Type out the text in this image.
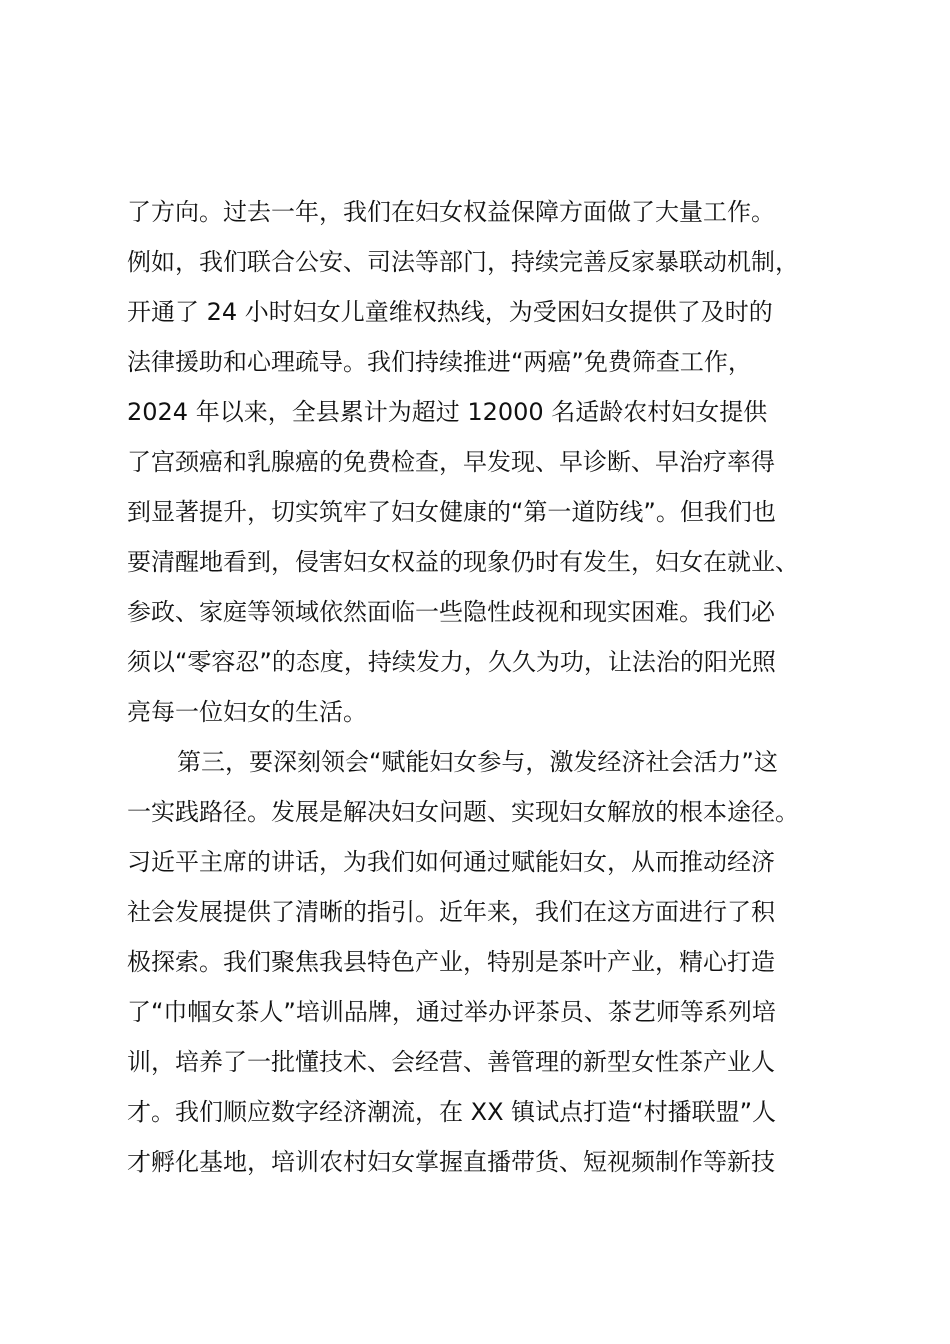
了方向。过去一年，我们在妇女权益保障方面做了大量工作。
例如，我们联合公安、司法等部门，持续完善反家暴联动机制，
开通了 24 小时妇女儿童维权热线，为受困妇女提供了及时的
法律援助和心理疏导。我们持续推进“两癌”免费筛查工作，
2024 年以来，全县累计为超过 12000 名适龄农村妇女提供
了宫颈癌和乳腺癌的免费检查，早发现、早诊断、早治疗率得
到显著提升，切实筑牢了妇女健康的“第一道防线”。但我们也
要清醒地看到，侵害妇女权益的现象仍时有发生，妇女在就业、
参政、家庭等领域依然面临一些隐性歧视和现实困难。我们必
须以“零容忍”的态度，持续发力，久久为功，让法治的阳光照
亮每一位妇女的生活。
第三，要深刻领会“赋能妇女参与，激发经济社会活力”这
一实践路径。发展是解决妇女问题、实现妇女解放的根本途径。
习近平主席的讲话，为我们如何通过赋能妇女，从而推动经济
社会发展提供了清晰的指引。近年来，我们在这方面进行了积
极探索。我们聚焦我县特色产业，特别是茶叶产业，精心打造
了“巾帼女茶人”培训品牌，通过举办评茶员、茶艺师等系列培
训，培养了一批懂技术、会经营、善管理的新型女性茶产业人
才。我们顺应数字经济潮流，在 XX 镇试点打造“村播联盟”人
才孵化基地，培训农村妇女掌握直播带货、短视频制作等新技
